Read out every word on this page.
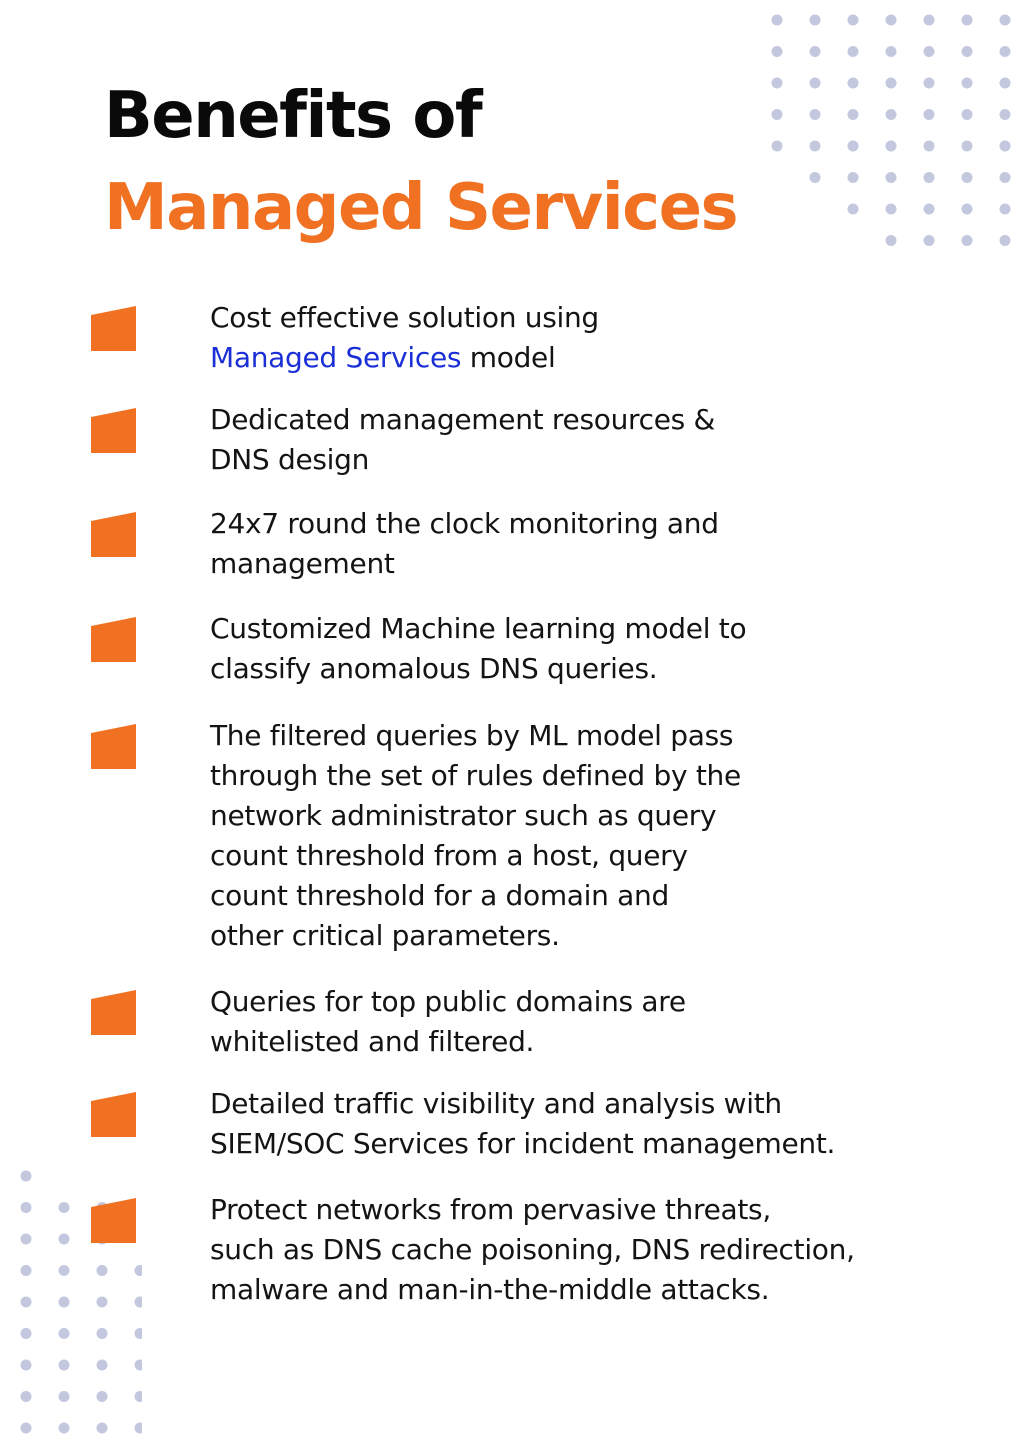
Benefits of
Managed Services

Cost effective solution using
Managed Services model

Dedicated management resources &
DNS design

24x7 round the clock monitoring and
management

Customized Machine learning model to
classify anomalous DNS queries.

The filtered queries by ML model pass
through the set of rules defined by the
network administrator such as query
count threshold from a host, query
count threshold for a domain and
other critical parameters.

Queries for top public domains are
whitelisted and filtered.

Detailed traffic visibility and analysis with
SIEM/SOC Services for incident management.

Protect networks from pervasive threats,
such as DNS cache poisoning, DNS redirection,
malware and man-in-the-middle attacks.
